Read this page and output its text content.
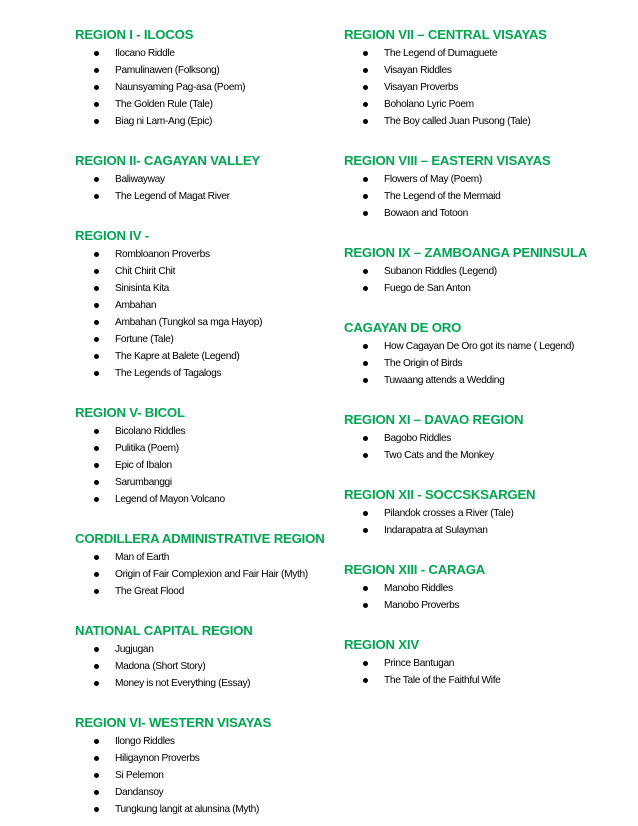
REGION I - ILOCOS
Ilocano Riddle
Pamulinawen (Folksong)
Naunsyaming Pag-asa (Poem)
The Golden Rule (Tale)
Biag ni Lam-Ang (Epic)
REGION II- CAGAYAN VALLEY
Baliwayway
The Legend of Magat River
REGION IV -
Rombloanon Proverbs
Chit Chirit Chit
Sinisinta Kita
Ambahan
Ambahan (Tungkol sa mga Hayop)
Fortune (Tale)
The Kapre at Balete (Legend)
The Legends of Tagalogs
REGION V- BICOL
Bicolano Riddles
Pulitika (Poem)
Epic of Ibalon
Sarumbanggi
Legend of Mayon Volcano
CORDILLERA ADMINISTRATIVE REGION
Man of Earth
Origin of Fair Complexion and Fair Hair (Myth)
The Great Flood
NATIONAL CAPITAL REGION
Jugjugan
Madona (Short Story)
Money is not Everything (Essay)
REGION VI- WESTERN VISAYAS
Ilongo Riddles
Hiligaynon Proverbs
Si Pelemon
Dandansoy
Tungkung langit at alunsina (Myth)
REGION VII – CENTRAL VISAYAS
The Legend of Dumaguete
Visayan Riddles
Visayan Proverbs
Boholano Lyric Poem
The Boy called Juan Pusong (Tale)
REGION VIII – EASTERN VISAYAS
Flowers of May (Poem)
The Legend of the Mermaid
Bowaon and Totoon
REGION IX – ZAMBOANGA PENINSULA
Subanon Riddles (Legend)
Fuego de San Anton
CAGAYAN DE ORO
How Cagayan De Oro got its name ( Legend)
The Origin of Birds
Tuwaang attends a Wedding
REGION XI – DAVAO REGION
Bagobo Riddles
Two Cats and the Monkey
REGION XII - SOCCSKSARGEN
Pilandok crosses a River (Tale)
Indarapatra at Sulayman
REGION XIII - CARAGA
Manobo Riddles
Manobo Proverbs
REGION XIV
Prince Bantugan
The Tale of the Faithful Wife
